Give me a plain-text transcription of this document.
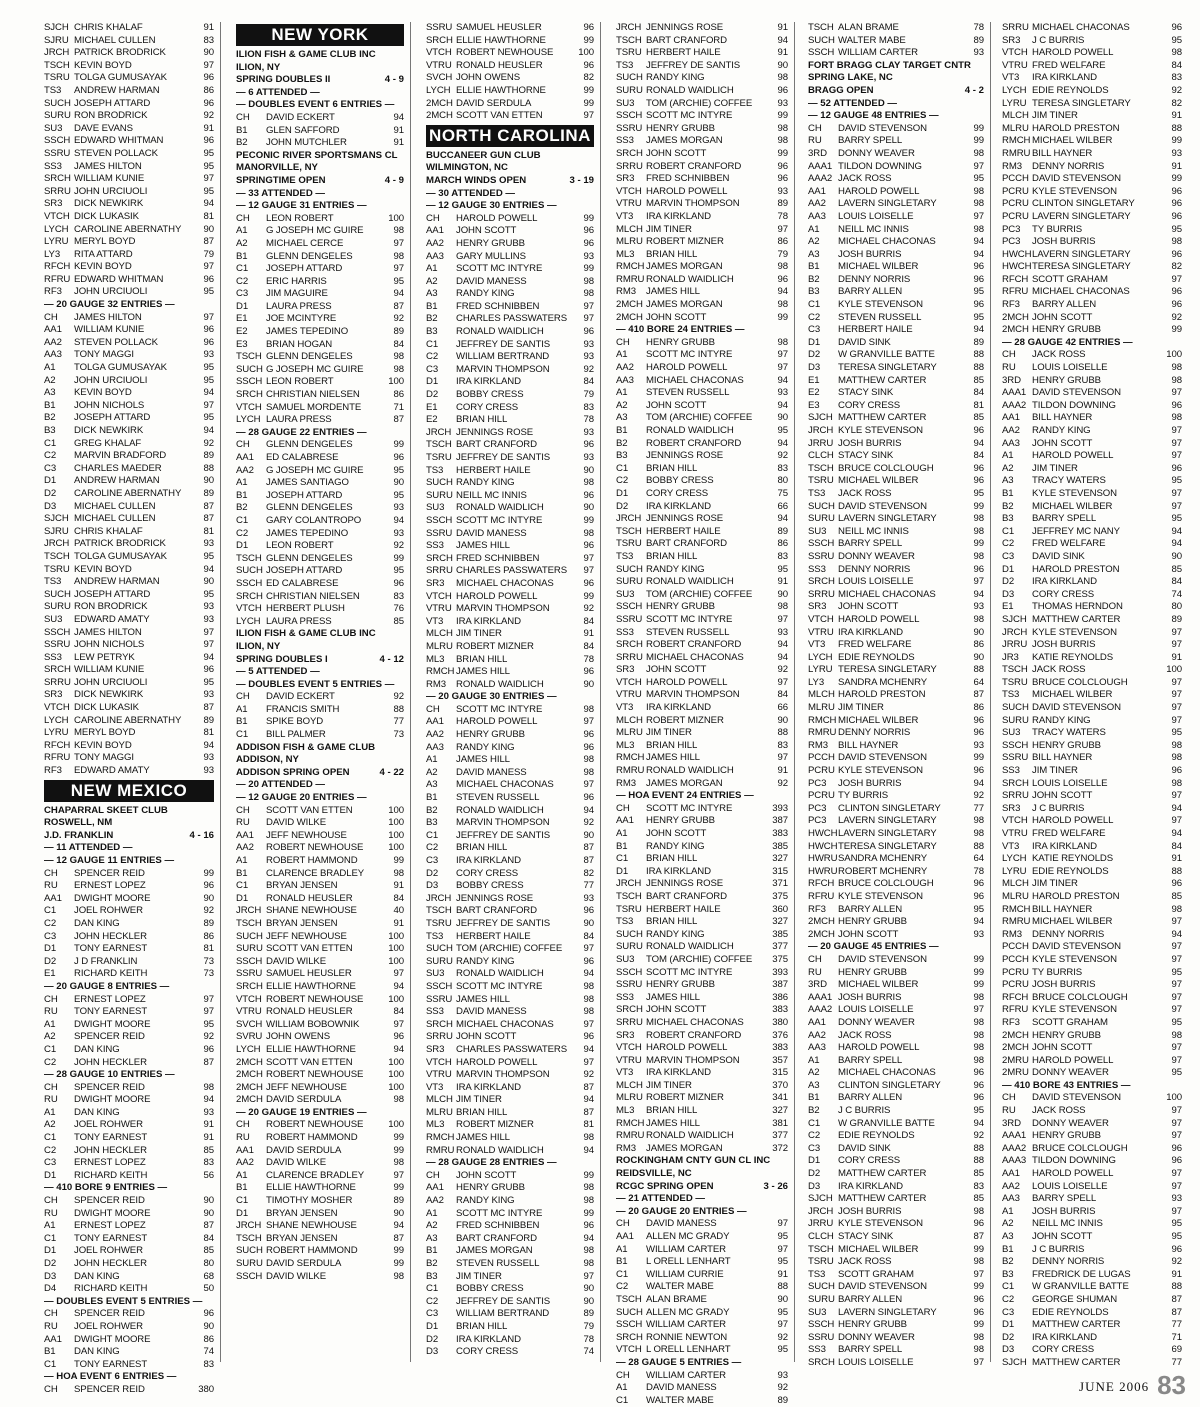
SJCH CHRIS KHALAF	91
SJRU MICHAEL CULLEN	83
JRCH PATRICK BRODRICK	90
TSCH KEVIN BOYD	97
TSRU TOLGA GUMUSAYAK	96
TS3	ANDREW HARMAN	86
SUCH JOSEPH ATTARD	96
SURU RON BRODRICK	92
SU3	DAVE EVANS	91
SSCH EDWARD WHITMAN	96
SSRU STEVEN POLLACK	95
SS3	JAMES HILTON	95
SRCH WILLIAM KUNIE	97
SRRU JOHN URCIUOLI	95
SR3	DICK NEWKIRK	94
VTCH DICK LUKASIK	81
LYCH CAROLINE ABERNATHY	90
LYRU MERYL BOYD	87
LY3	RITA ATTARD	79
RFCH KEVIN BOYD	97
RFRU EDWARD WHITMAN	96
RF3	JOHN URCIUOLI	95
— 20 GAUGE 32 ENTRIES —
CH	JAMES HILTON	97
AA1	WILLIAM KUNIE	96
AA2	STEVEN POLLACK	96
AA3	TONY MAGGI	93
A1	TOLGA GUMUSAYAK	95
A2	JOHN URCIUOLI	95
A3	KEVIN BOYD	94
B1	JOHN NICHOLS	97
B2	JOSEPH ATTARD	95
B3	DICK NEWKIRK	94
C1	GREG KHALAF	92
C2	MARVIN BRADFORD	89
C3	CHARLES MAEDER	88
D1	ANDREW HARMAN	90
D2	CAROLINE ABERNATHY	89
D3	MICHAEL CULLEN	87
SJCH MICHAEL CULLEN	87
SJRU CHRIS KHALAF	81
JRCH PATRICK BRODRICK	93
TSCH TOLGA GUMUSAYAK	95
TSRU KEVIN BOYD	94
TS3	ANDREW HARMAN	90
SUCH JOSEPH ATTARD	95
SURU RON BRODRICK	93
SU3	EDWARD AMATY	93
SSCH JAMES HILTON	97
SSRU JOHN NICHOLS	97
SS3	LEW PETRYK	94
SRCH WILLIAM KUNIE	96
SRRU JOHN URCIUOLI	95
SR3	DICK NEWKIRK	93
VTCH DICK LUKASIK	87
LYCH CAROLINE ABERNATHY	89
LYRU MERYL BOYD	81
RFCH KEVIN BOYD	94
RFRU TONY MAGGI	93
RF3	EDWARD AMATY	93
NEW MEXICO
CHAPARRAL SKEET CLUB
ROSWELL, NM
J.D. FRANKLIN	4 - 16
— 11 ATTENDED —
— 12 GAUGE 11 ENTRIES —
CH	SPENCER REID	99
RU	ERNEST LOPEZ	96
AA1	DWIGHT MOORE	90
C1	JOEL ROHWER	92
C2	DAN KING	89
C3	JOHN HECKLER	86
D1	TONY EARNEST	81
D2	J D FRANKLIN	73
E1	RICHARD KEITH	73
— 20 GAUGE 8 ENTRIES —
CH	ERNEST LOPEZ	97
RU	TONY EARNEST	97
A1	DWIGHT MOORE	95
A2	SPENCER REID	92
C1	DAN KING	96
C2	JOHN HECKLER	87
— 28 GAUGE 10 ENTRIES —
CH	SPENCER REID	98
RU	DWIGHT MOORE	94
A1	DAN KING	93
A2	JOEL ROHWER	91
C1	TONY EARNEST	91
C2	JOHN HECKLER	85
C3	ERNEST LOPEZ	83
D1	RICHARD KEITH	56
— 410 BORE 9 ENTRIES —
CH	SPENCER REID	90
RU	DWIGHT MOORE	90
A1	ERNEST LOPEZ	87
C1	TONY EARNEST	84
D1	JOEL ROHWER	85
D2	JOHN HECKLER	80
D3	DAN KING	68
D4	RICHARD KEITH	50
— DOUBLES EVENT 5 ENTRIES —
CH	SPENCER REID	96
RU	JOEL ROHWER	90
AA1	DWIGHT MOORE	86
B1	DAN KING	74
C1	TONY EARNEST	83
— HOA EVENT 6 ENTRIES —
CH	SPENCER REID	380
NEW YORK
ILION FISH & GAME CLUB INC
ILION, NY
SPRING DOUBLES II	4 - 9
— 6 ATTENDED —
— DOUBLES EVENT 6 ENTRIES —
CH	DAVID ECKERT	94
B1	GLEN SAFFORD	91
B2	JOHN MUTCHLER	91
PECONIC RIVER SPORTSMANS CL
MANORVILLE, NY
SPRINGTIME OPEN	4 - 9
— 33 ATTENDED —
— 12 GAUGE 31 ENTRIES —
CH	LEON ROBERT	100
A1	G JOSEPH MC GUIRE	98
A2	MICHAEL CERCE	97
B1	GLENN DENGELES	98
C1	JOSEPH ATTARD	97
C2	ERIC HARRIS	95
C3	JIM MAGUIRE	94
D1	LAURA PRESS	87
E1	JOE MCINTYRE	92
E2	JAMES TEPEDINO	89
E3	BRIAN HOGAN	84
TSCH GLENN DENGELES	98
SUCH G JOSEPH MC GUIRE	98
SSCH LEON ROBERT	100
SRCH CHRISTIAN NIELSEN	86
VTCH SAMUEL MORDENTE	71
LYCH LAURA PRESS	87
— 28 GAUGE 22 ENTRIES —
CH	GLENN DENGELES	99
AA1	ED CALABRESE	96
AA2	G JOSEPH MC GUIRE	95
A1	JAMES SANTIAGO	90
B1	JOSEPH ATTARD	95
B2	GLENN DENGELES	93
C1	GARY COLANTROPO	94
C2	JAMES TEPEDINO	93
D1	LEON ROBERT	92
TSCH GLENN DENGELES	99
SUCH JOSEPH ATTARD	95
SSCH ED CALABRESE	96
SRCH CHRISTIAN NIELSEN	83
VTCH HERBERT PLUSH	76
LYCH LAURA PRESS	85
ILION FISH & GAME CLUB INC
ILION, NY
SPRING DOUBLES I	4 - 12
— 5 ATTENDED —
— DOUBLES EVENT 5 ENTRIES —
CH	DAVID ECKERT	92
A1	FRANCIS SMITH	88
B1	SPIKE BOYD	77
C1	BILL PALMER	73
ADDISON FISH & GAME CLUB
ADDISON, NY
ADDISON SPRING OPEN	4 - 22
— 20 ATTENDED —
— 12 GAUGE 20 ENTRIES —
CH	SCOTT VAN ETTEN	100
RU	DAVID WILKE	100
AA1	JEFF NEWHOUSE	100
AA2	ROBERT NEWHOUSE	100
A1	ROBERT HAMMOND	99
B1	CLARENCE BRADLEY	98
C1	BRYAN JENSEN	91
D1	RONALD HEUSLER	84
JRCH SHANE NEWHOUSE	40
TSCH BRYAN JENSEN	91
SUCH JEFF NEWHOUSE	100
SURU SCOTT VAN ETTEN	100
SSCH DAVID WILKE	100
SSRU SAMUEL HEUSLER	97
SRCH ELLIE HAWTHORNE	94
VTCH ROBERT NEWHOUSE	100
VTRU RONALD HEUSLER	84
SVCH WILLIAM BOBOWNIK	97
SVRU JOHN OWENS	96
LYCH ELLIE HAWTHORNE	94
2MCH SCOTT VAN ETTEN	100
2MCH ROBERT NEWHOUSE	100
2MCH JEFF NEWHOUSE	100
2MCH DAVID SERDULA	98
— 20 GAUGE 19 ENTRIES —
CH	ROBERT NEWHOUSE	100
RU	ROBERT HAMMOND	99
AA1	DAVID SERDULA	99
AA2	DAVID WILKE	98
A1	CLARENCE BRADLEY	97
B1	ELLIE HAWTHORNE	99
C1	TIMOTHY MOSHER	89
D1	BRYAN JENSEN	90
JRCH SHANE NEWHOUSE	94
TSCH BRYAN JENSEN	87
SUCH ROBERT HAMMOND	99
SURU DAVID SERDULA	99
SSCH DAVID WILKE	98
SSRU SAMUEL HEUSLER	96
SRCH ELLIE HAWTHORNE	99
VTCH ROBERT NEWHOUSE	100
VTRU RONALD HEUSLER	96
SVCH JOHN OWENS	82
LYCH ELLIE HAWTHORNE	99
2MCH DAVID SERDULA	99
2MCH SCOTT VAN ETTEN	97
NORTH CAROLINA
BUCCANEER GUN CLUB
WILMINGTON, NC
MARCH WINDS OPEN	3 - 19
— 30 ATTENDED —
— 12 GAUGE 30 ENTRIES —
CH	HAROLD POWELL	99
AA1	JOHN SCOTT	96
AA2	HENRY GRUBB	96
AA3	GARY MULLINS	93
A1	SCOTT MC INTYRE	99
A2	DAVID MANESS	98
A3	RANDY KING	98
B1	FRED SCHNIBBEN	97
B2	CHARLES PASSWATERS	97
B3	RONALD WAIDLICH	96
C1	JEFFREY DE SANTIS	93
C2	WILLIAM BERTRAND	93
C3	MARVIN THOMPSON	92
D1	IRA KIRKLAND	84
D2	BOBBY CRESS	79
E1	CORY CRESS	83
E2	BRIAN HILL	78
JRCH JENNINGS ROSE	93
TSCH BART CRANFORD	96
TSRU JEFFREY DE SANTIS	93
TS3	HERBERT HAILE	90
SUCH RANDY KING	98
SURU NEILL MC INNIS	96
SU3	RONALD WAIDLICH	90
SSCH SCOTT MC INTYRE	99
SSRU DAVID MANESS	98
SS3	JAMES HILL	96
SRCH FRED SCHNIBBEN	97
SRRU CHARLES PASSWATERS	97
SR3	MICHAEL CHACONAS	96
VTCH HAROLD POWELL	99
VTRU MARVIN THOMPSON	92
VT3	IRA KIRKLAND	84
MLCH JIM TINER	91
MLRU ROBERT MIZNER	84
ML3	BRIAN HILL	78
RMCH JAMES HILL	96
RM3	RONALD WAIDLICH	90
— 20 GAUGE 30 ENTRIES —
CH	SCOTT MC INTYRE	98
AA1	HAROLD POWELL	97
AA2	HENRY GRUBB	96
AA3	RANDY KING	96
A1	JAMES HILL	98
A2	DAVID MANESS	98
A3	MICHAEL CHACONAS	97
B1	STEVEN RUSSELL	96
B2	RONALD WAIDLICH	94
B3	MARVIN THOMPSON	92
C1	JEFFREY DE SANTIS	90
C2	BRIAN HILL	87
C3	IRA KIRKLAND	87
D2	CORY CRESS	82
D3	BOBBY CRESS	77
JRCH JENNINGS ROSE	93
TSCH BART CRANFORD	96
TSRU JEFFREY DE SANTIS	90
TS3	HERBERT HAILE	84
SUCH TOM (ARCHIE) COFFEE	97
SURU RANDY KING	96
SU3	RONALD WAIDLICH	94
SSCH SCOTT MC INTYRE	98
SSRU JAMES HILL	98
SS3	DAVID MANESS	98
SRCH MICHAEL CHACONAS	97
SRRU JOHN SCOTT	96
SR3	CHARLES PASSWATERS	94
VTCH HAROLD POWELL	97
VTRU MARVIN THOMPSON	92
VT3	IRA KIRKLAND	87
MLCH JIM TINER	94
MLRU BRIAN HILL	87
ML3	ROBERT MIZNER	81
RMCH JAMES HILL	98
RMRU RONALD WAIDLICH	94
— 28 GAUGE 28 ENTRIES —
CH	JOHN SCOTT	99
AA1	HENRY GRUBB	98
AA2	RANDY KING	98
A1	SCOTT MC INTYRE	99
A2	FRED SCHNIBBEN	96
A3	BART CRANFORD	94
B1	JAMES MORGAN	98
B2	STEVEN RUSSELL	98
B3	JIM TINER	97
C1	BOBBY CRESS	90
C2	JEFFREY DE SANTIS	90
C3	WILLIAM BERTRAND	89
D1	BRIAN HILL	79
D2	IRA KIRKLAND	78
D3	CORY CRESS	74
JRCH JENNINGS ROSE	91
TSCH BART CRANFORD	94
TSRU HERBERT HAILE	91
TS3	JEFFREY DE SANTIS	90
SUCH RANDY KING	98
SURU RONALD WAIDLICH	96
SU3	TOM (ARCHIE) COFFEE	93
SSCH SCOTT MC INTYRE	99
SSRU HENRY GRUBB	98
SS3	JAMES MORGAN	98
SRCH JOHN SCOTT	99
SRRU ROBERT CRANFORD	96
SR3	FRED SCHNIBBEN	96
VTCH HAROLD POWELL	93
VTRU MARVIN THOMPSON	89
VT3	IRA KIRKLAND	78
MLCH JIM TINER	97
MLRU ROBERT MIZNER	86
ML3	BRIAN HILL	79
RMCH JAMES MORGAN	98
RMRU RONALD WAIDLICH	96
RM3	JAMES HILL	94
2MCH JAMES MORGAN	98
2MCH JOHN SCOTT	99
— 410 BORE 24 ENTRIES —
CH	HENRY GRUBB	98
A1	SCOTT MC INTYRE	97
AA2	HAROLD POWELL	97
AA3	MICHAEL CHACONAS	94
A1	STEVEN RUSSELL	93
A2	JOHN SCOTT	94
A3	TOM (ARCHIE) COFFEE	90
B1	RONALD WAIDLICH	95
B2	ROBERT CRANFORD	94
B3	JENNINGS ROSE	92
C1	BRIAN HILL	83
C2	BOBBY CRESS	80
D1	CORY CRESS	75
D2	IRA KIRKLAND	66
JRCH JENNINGS ROSE	94
TSCH HERBERT HAILE	89
TSRU BART CRANFORD	86
TS3	BRIAN HILL	83
SUCH RANDY KING	95
SURU RONALD WAIDLICH	91
SU3	TOM (ARCHIE) COFFEE	90
SSCH HENRY GRUBB	98
SSRU SCOTT MC INTYRE	97
SS3	STEVEN RUSSELL	93
SRCH ROBERT CRANFORD	94
SRRU MICHAEL CHACONAS	94
SR3	JOHN SCOTT	92
VTCH HAROLD POWELL	97
VTRU MARVIN THOMPSON	84
VT3	IRA KIRKLAND	66
MLCH ROBERT MIZNER	90
MLRU JIM TINER	88
ML3	BRIAN HILL	83
RMCH JAMES HILL	97
RMRU RONALD WAIDLICH	91
RM3	JAMES MORGAN	92
— HOA EVENT 24 ENTRIES —
CH	SCOTT MC INTYRE	393
AA1	HENRY GRUBB	387
A1	JOHN SCOTT	383
B1	RANDY KING	385
C1	BRIAN HILL	327
D1	IRA KIRKLAND	315
JRCH JENNINGS ROSE	371
TSCH BART CRANFORD	375
TSRU HERBERT HAILE	360
TS3	BRIAN HILL	327
SUCH RANDY KING	385
SURU RONALD WAIDLICH	377
SU3	TOM (ARCHIE) COFFEE	375
SSCH SCOTT MC INTYRE	393
SSRU HENRY GRUBB	387
SS3	JAMES HILL	386
SRCH JOHN SCOTT	383
SRRU MICHAEL CHACONAS	380
SR3	ROBERT CRANFORD	376
VTCH HAROLD POWELL	383
VTRU MARVIN THOMPSON	357
VT3	IRA KIRKLAND	315
MLCH JIM TINER	370
MLRU ROBERT MIZNER	341
ML3	BRIAN HILL	327
RMCH JAMES HILL	381
RMRU RONALD WAIDLICH	377
RM3	JAMES MORGAN	372
ROCKINGHAM CNTY GUN CL INC
REIDSVILLE, NC
RCGC SPRING OPEN	3 - 26
— 21 ATTENDED —
— 20 GAUGE 20 ENTRIES —
CH	DAVID MANESS	97
AA1	ALLEN MC GRADY	95
A1	WILLIAM CARTER	97
B1	L ORELL LENHART	95
C1	WILLIAM CURRIE	91
C2	WALTER MABE	88
TSCH ALAN BRAME	90
SUCH ALLEN MC GRADY	95
SSCH WILLIAM CARTER	97
SRCH RONNIE NEWTON	92
VTCH L ORELL LENHART	95
— 28 GAUGE 5 ENTRIES —
CH	WILLIAM CARTER	93
A1	DAVID MANESS	92
C1	WALTER MABE	89
TSCH ALAN BRAME	78
SUCH WALTER MABE	89
SSCH WILLIAM CARTER	93
FORT BRAGG CLAY TARGET CNTR
SPRING LAKE, NC
BRAGG OPEN	4 - 2
— 52 ATTENDED —
— 12 GAUGE 48 ENTRIES —
CH	DAVID STEVENSON	99
RU	BARRY SPELL	99
3RD	DONNY WEAVER	98
AAA1 TILDON DOWNING	97
AAA2 JACK ROSS	95
AA1	HAROLD POWELL	98
AA2	LAVERN SINGLETARY	98
AA3	LOUIS LOISELLE	97
A1	NEILL MC INNIS	98
A2	MICHAEL CHACONAS	94
A3	JOSH BURRIS	94
B1	MICHAEL WILBER	96
B2	DENNY NORRIS	96
B3	BARRY ALLEN	95
C1	KYLE STEVENSON	96
C2	STEVEN RUSSELL	95
C3	HERBERT HAILE	94
D1	DAVID SINK	89
D2	W GRANVILLE BATTE	88
D3	TERESA SINGLETARY	88
E1	MATTHEW CARTER	85
E2	STACY SINK	84
E3	CORY CRESS	81
SJCH MATTHEW CARTER	85
JRCH KYLE STEVENSON	96
JRRU JOSH BURRIS	94
CLCH STACY SINK	84
TSCH BRUCE COLCLOUGH	96
TSRU MICHAEL WILBER	96
TS3	JACK ROSS	95
SUCH DAVID STEVENSON	99
SURU LAVERN SINGLETARY	98
SU3	NEILL MC INNIS	98
SSCH BARRY SPELL	99
SSRU DONNY WEAVER	98
SS3	DENNY NORRIS	96
SRCH LOUIS LOISELLE	97
SRRU MICHAEL CHACONAS	94
SR3	JOHN SCOTT	93
VTCH HAROLD POWELL	98
VTRU IRA KIRKLAND	90
VT3	FRED WELFARE	86
LYCH EDIE REYNOLDS	90
LYRU TERESA SINGLETARY	88
LY3	SANDRA MCHENRY	64
MLCH HAROLD PRESTON	87
MLRU JIM TINER	86
RMCH MICHAEL WILBER	96
RMRU DENNY NORRIS	96
RM3	BILL HAYNER	93
PCCH DAVID STEVENSON	99
PCRU KYLE STEVENSON	96
PC3	JOSH BURRIS	94
PCRU TY BURRIS	92
PC3	CLINTON SINGLETARY	77
PC3	LAVERN SINGLETARY	98
HWCH LAVERN SINGLETARY	98
HWCH TERESA SINGLETARY	88
HWRU SANDRA MCHENRY	64
HWRU ROBERT MCHENRY	78
RFCH BRUCE COLCLOUGH	96
RFRU KYLE STEVENSON	96
RF3	BARRY ALLEN	95
2MCH HENRY GRUBB	94
2MCH JOHN SCOTT	93
— 20 GAUGE 45 ENTRIES —
CH	DAVID STEVENSON	99
RU	HENRY GRUBB	99
3RD	MICHAEL WILBER	99
AAA1 JOSH BURRIS	98
AAA2 LOUIS LOISELLE	97
AA1	DONNY WEAVER	98
AA2	JACK ROSS	98
AA3	HAROLD POWELL	98
A1	BARRY SPELL	98
A2	MICHAEL CHACONAS	96
A3	CLINTON SINGLETARY	96
B1	BARRY ALLEN	96
B2	J C BURRIS	95
C1	W GRANVILLE BATTE	94
C2	EDIE REYNOLDS	92
C3	DAVID SINK	88
D1	CORY CRESS	88
D2	MATTHEW CARTER	85
D3	IRA KIRKLAND	83
SJCH MATTHEW CARTER	85
JRCH JOSH BURRIS	98
JRRU KYLE STEVENSON	96
CLCH STACY SINK	87
TSCH MICHAEL WILBER	99
TSRU JACK ROSS	98
TS3	SCOTT GRAHAM	97
SUCH DAVID STEVENSON	99
SURU BARRY ALLEN	96
SU3	LAVERN SINGLETARY	96
SSCH HENRY GRUBB	99
SSRU DONNY WEAVER	98
SS3	BARRY SPELL	98
SRCH LOUIS LOISELLE	97
SRRU MICHAEL CHACONAS	96
SR3	J C BURRIS	95
VTCH HAROLD POWELL	98
VTRU FRED WELFARE	84
VT3	IRA KIRKLAND	83
LYCH EDIE REYNOLDS	92
LYRU TERESA SINGLETARY	82
MLCH JIM TINER	91
MLRU HAROLD PRESTON	88
RMCH MICHAEL WILBER	99
RMRU BILL HAYNER	93
RM3	DENNY NORRIS	91
PCCH DAVID STEVENSON	99
PCRU KYLE STEVENSON	96
PCRU CLINTON SINGLETARY	96
PCRU LAVERN SINGLETARY	96
PC3	TY BURRIS	95
PC3	JOSH BURRIS	98
HWCH LAVERN SINGLETARY	96
HWCH TERESA SINGLETARY	82
RFCH SCOTT GRAHAM	97
RFRU MICHAEL CHACONAS	96
RF3	BARRY ALLEN	96
2MCH JOHN SCOTT	92
2MCH HENRY GRUBB	99
— 28 GAUGE 42 ENTRIES —
CH	JACK ROSS	100
RU	LOUIS LOISELLE	98
3RD	HENRY GRUBB	98
AAA1 DAVID STEVENSON	97
AAA2 TILDON DOWNING	96
AA1	BILL HAYNER	98
AA2	RANDY KING	97
AA3	JOHN SCOTT	97
A1	HAROLD POWELL	97
A2	JIM TINER	96
A3	TRACY WATERS	95
B1	KYLE STEVENSON	97
B2	MICHAEL WILBER	97
B3	BARRY SPELL	95
C1	JEFFREY MC NANY	94
C2	FRED WELFARE	94
C3	DAVID SINK	90
D1	HAROLD PRESTON	85
D2	IRA KIRKLAND	84
D3	CORY CRESS	74
E1	THOMAS HERNDON	80
SJCH MATTHEW CARTER	89
JRCH KYLE STEVENSON	97
JRRU JOSH BURRIS	97
JR3	KATIE REYNOLDS	91
TSCH JACK ROSS	100
TSRU BRUCE COLCLOUGH	97
TS3	MICHAEL WILBER	97
SUCH DAVID STEVENSON	97
SURU RANDY KING	97
SU3	TRACY WATERS	95
SSCH HENRY GRUBB	98
SSRU BILL HAYNER	98
SS3	JIM TINER	96
SRCH LOUIS LOISELLE	98
SRRU JOHN SCOTT	97
SR3	J C BURRIS	94
VTCH HAROLD POWELL	97
VTRU FRED WELFARE	94
VT3	IRA KIRKLAND	84
LYCH KATIE REYNOLDS	91
LYRU EDIE REYNOLDS	88
MLCH JIM TINER	96
MLRU HAROLD PRESTON	85
RMCH BILL HAYNER	98
RMRU MICHAEL WILBER	97
RM3	DENNY NORRIS	94
PCCH DAVID STEVENSON	97
PCCH KYLE STEVENSON	97
PCRU TY BURRIS	95
PCRU JOSH BURRIS	97
RFCH BRUCE COLCLOUGH	97
RFRU KYLE STEVENSON	97
RF3	SCOTT GRAHAM	95
2MCH HENRY GRUBB	98
2MCH JOHN SCOTT	97
2MRU HAROLD POWELL	97
2MRU DONNY WEAVER	95
— 410 BORE 43 ENTRIES —
CH	DAVID STEVENSON	100
RU	JACK ROSS	97
3RD	DONNY WEAVER	97
AAA1 HENRY GRUBB	97
AAA2 BRUCE COLCLOUGH	96
AAA3 TILDON DOWNING	96
AA1	HAROLD POWELL	97
AA2	LOUIS LOISELLE	97
AA3	BARRY SPELL	93
A1	JOSH BURRIS	97
A2	NEILL MC INNIS	95
A3	JOHN SCOTT	95
B1	J C BURRIS	96
B2	DENNY NORRIS	92
B3	FREDRICK DE LUGAS	91
C1	W GRANVILLE BATTE	88
C2	GEORGE SHUMAN	87
C3	EDIE REYNOLDS	87
D1	MATTHEW CARTER	77
D2	IRA KIRKLAND	71
D3	CORY CRESS	69
SJCH MATTHEW CARTER	77
JUNE 2006 83
